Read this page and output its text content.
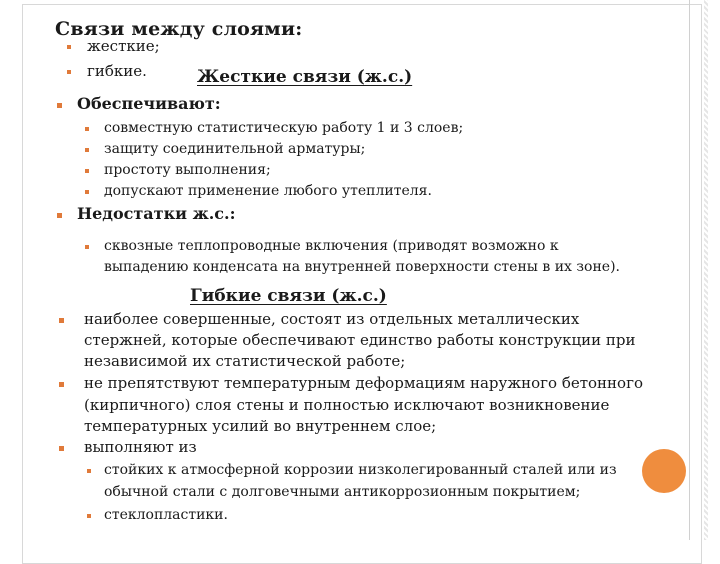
Связи между слоями:
жесткие;
гибкие.	Жесткие связи (ж.с.)
Обеспечивают:
совместную статистическую работу 1 и 3 слоев;
защиту соединительной арматуры;
простоту выполнения;
допускают применение любого утеплителя.
Недостатки ж.с.:
сквозные теплопроводные включения (приводят возможно к
выпадению конденсата на внутренней поверхности стены в их зоне).
Гибкие связи (ж.с.)
наиболее совершенные, состоят из отдельных металлических
стержней, которые обеспечивают единство работы конструкции при
независимой их статистической работе;
не препятствуют температурным деформациям наружного бетонного
(кирпичного) слоя стены и полностью исключают возникновение
температурных усилий во внутреннем слое;
выполняют из
стойких к атмосферной коррозии низколегированный сталей или из
обычной стали с долговечными антикоррозионным покрытием;
стеклопластики.
